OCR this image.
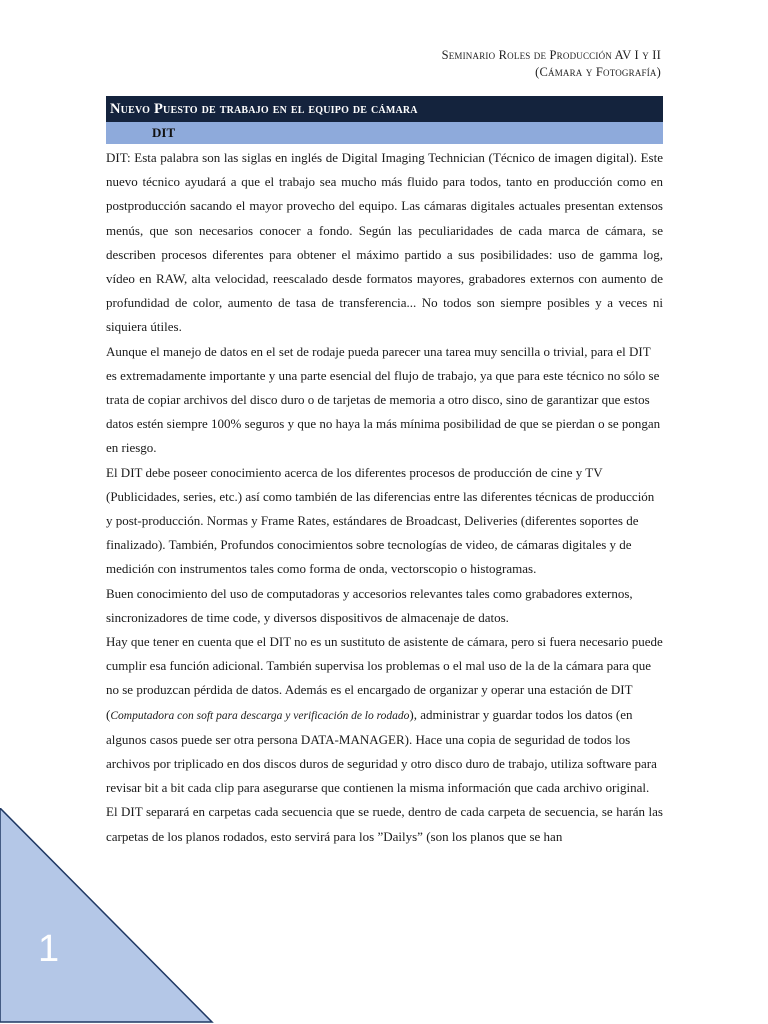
Seminario Roles de Producción AV I y II
(Cámara y Fotografía)
Nuevo Puesto de trabajo en el equipo de cámara
DIT

DIT: Esta palabra son las siglas en inglés de Digital Imaging Technician (Técnico de imagen digital). Este nuevo técnico ayudará a que el trabajo sea mucho más fluido para todos, tanto en producción como en postproducción sacando el mayor provecho del equipo. Las cámaras digitales actuales presentan extensos menús, que son necesarios conocer a fondo. Según las peculiaridades de cada marca de cámara, se describen procesos diferentes para obtener el máximo partido a sus posibilidades: uso de gamma log, vídeo en RAW, alta velocidad, reescalado desde formatos mayores, grabadores externos con aumento de profundidad de color, aumento de tasa de transferencia... No todos son siempre posibles y a veces ni siquiera útiles.

Aunque el manejo de datos en el set de rodaje pueda parecer una tarea muy sencilla o trivial, para el DIT es extremadamente importante y una parte esencial del flujo de trabajo, ya que para este técnico no sólo se trata de copiar archivos del disco duro o de tarjetas de memoria a otro disco, sino de garantizar que estos datos estén siempre 100% seguros y que no haya la más mínima posibilidad de que se pierdan o se pongan en riesgo.

El DIT debe poseer conocimiento acerca de los diferentes procesos de producción de cine y TV (Publicidades, series, etc.) así como también de las diferencias entre las diferentes técnicas de producción y post-producción. Normas y Frame Rates, estándares de Broadcast, Deliveries (diferentes soportes de finalizado). También, Profundos conocimientos sobre tecnologías de video, de cámaras digitales y de medición con instrumentos tales como forma de onda, vectorscopio o histogramas.

Buen conocimiento del uso de computadoras y accesorios relevantes tales como grabadores externos, sincronizadores de time code, y diversos dispositivos de almacenaje de datos.

Hay que tener en cuenta que el DIT no es un sustituto de asistente de cámara, pero si fuera necesario puede cumplir esa función adicional. También supervisa los problemas o el mal uso de la de la cámara para que no se produzcan pérdida de datos. Además es el encargado de organizar y operar una estación de DIT (Computadora con soft para descarga y verificación de lo rodado), administrar y guardar todos los datos (en algunos casos puede ser otra persona DATA-MANAGER). Hace una copia de seguridad de todos los archivos por triplicado en dos discos duros de seguridad y otro disco duro de trabajo, utiliza software para revisar bit a bit cada clip para asegurarse que contienen la misma información que cada archivo original.

El DIT separará en carpetas cada secuencia que se ruede, dentro de cada carpeta de secuencia, se harán las carpetas de los planos rodados, esto servirá para los ”Dailys” (son los planos que se han

1
